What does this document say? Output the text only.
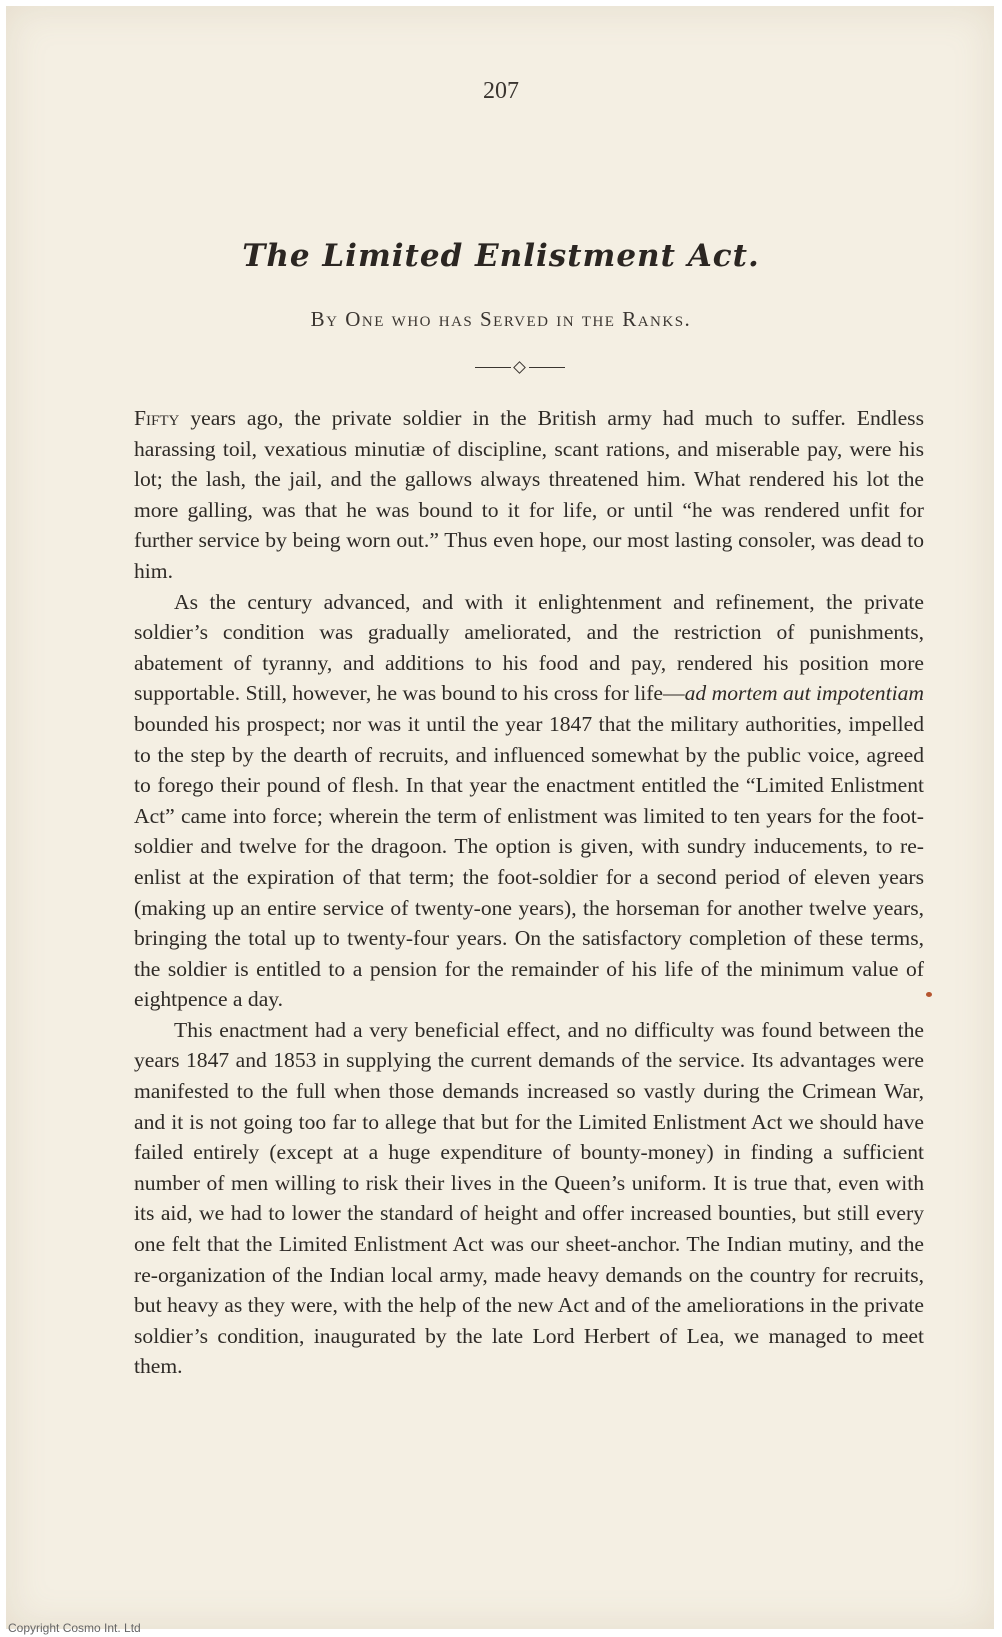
207
The Limited Enlistment Act.
By One who has Served in the Ranks.

Fifty years ago, the private soldier in the British army had much to suffer. Endless harassing toil, vexatious minutiæ of discipline, scant rations, and miserable pay, were his lot; the lash, the jail, and the gallows always threatened him. What rendered his lot the more galling, was that he was bound to it for life, or until “he was rendered unfit for further service by being worn out.” Thus even hope, our most lasting consoler, was dead to him.

As the century advanced, and with it enlightenment and refinement, the private soldier’s condition was gradually ameliorated, and the restriction of punishments, abatement of tyranny, and additions to his food and pay, rendered his position more supportable. Still, however, he was bound to his cross for life—ad mortem aut impotentiam bounded his prospect; nor was it until the year 1847 that the military authorities, impelled to the step by the dearth of recruits, and influenced somewhat by the public voice, agreed to forego their pound of flesh. In that year the enactment entitled the “Limited Enlistment Act” came into force; wherein the term of enlistment was limited to ten years for the foot-soldier and twelve for the dragoon. The option is given, with sundry inducements, to re-enlist at the expiration of that term; the foot-soldier for a second period of eleven years (making up an entire service of twenty-one years), the horseman for another twelve years, bringing the total up to twenty-four years. On the satisfactory completion of these terms, the soldier is entitled to a pension for the remainder of his life of the minimum value of eightpence a day.

This enactment had a very beneficial effect, and no difficulty was found between the years 1847 and 1853 in supplying the current demands of the service. Its advantages were manifested to the full when those demands increased so vastly during the Crimean War, and it is not going too far to allege that but for the Limited Enlistment Act we should have failed entirely (except at a huge expenditure of bounty-money) in finding a sufficient number of men willing to risk their lives in the Queen’s uniform. It is true that, even with its aid, we had to lower the standard of height and offer increased bounties, but still every one felt that the Limited Enlistment Act was our sheet-anchor. The Indian mutiny, and the re-organization of the Indian local army, made heavy demands on the country for recruits, but heavy as they were, with the help of the new Act and of the ameliorations in the private soldier’s condition, inaugurated by the late Lord Herbert of Lea, we managed to meet them.

Copyright Cosmo Int. Ltd
